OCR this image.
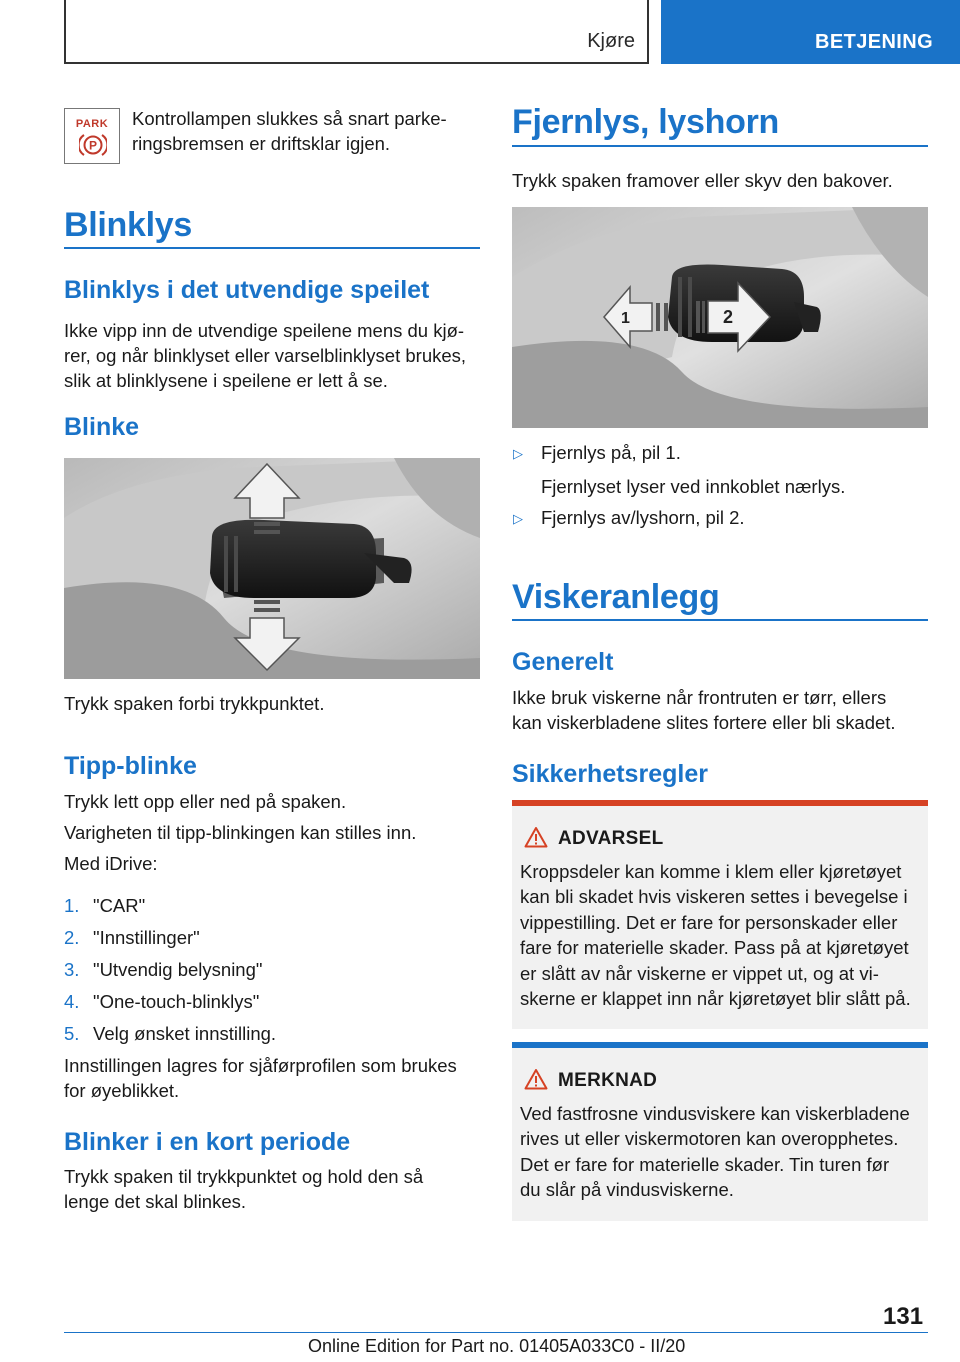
Kjøre	BETJENING
PARK
P
Kontrollampen slukkes så snart parke-
ringsbremsen er driftsklar igjen.
Blinklys
Blinklys i det utvendige speilet
Ikke vipp inn de utvendige speilene mens du kjø-
rer, og når blinklyset eller varselblinklyset brukes,
slik at blinklysene i speilene er lett å se.
Blinke
Trykk spaken forbi trykkpunktet.
Tipp-blinke
Trykk lett opp eller ned på spaken.
Varigheten til tipp-blinkingen kan stilles inn.
Med iDrive:
1. "CAR"
2. "Innstillinger"
3. "Utvendig belysning"
4. "One-touch-blinklys"
5. Velg ønsket innstilling.
Innstillingen lagres for sjåførprofilen som brukes
for øyeblikket.
Blinker i en kort periode
Trykk spaken til trykkpunktet og hold den så
lenge det skal blinkes.
Fjernlys, lyshorn
Trykk spaken framover eller skyv den bakover.
1	2
▷ Fjernlys på, pil 1.
Fjernlyset lyser ved innkoblet nærlys.
▷ Fjernlys av/lyshorn, pil 2.
Viskeranlegg
Generelt
Ikke bruk viskerne når frontruten er tørr, ellers
kan viskerbladene slites fortere eller bli skadet.
Sikkerhetsregler
ADVARSEL
Kroppsdeler kan komme i klem eller kjøretøyet
kan bli skadet hvis viskeren settes i bevegelse i
vippestilling. Det er fare for personskader eller
fare for materielle skader. Pass på at kjøretøyet
er slått av når viskerne er vippet ut, og at vi-
skerne er klappet inn når kjøretøyet blir slått på.
MERKNAD
Ved fastfrosne vindusviskere kan viskerbladene
rives ut eller viskermotoren kan overopphetes.
Det er fare for materielle skader. Tin turen før
du slår på vindusviskerne.
131
Online Edition for Part no. 01405A033C0 - II/20
